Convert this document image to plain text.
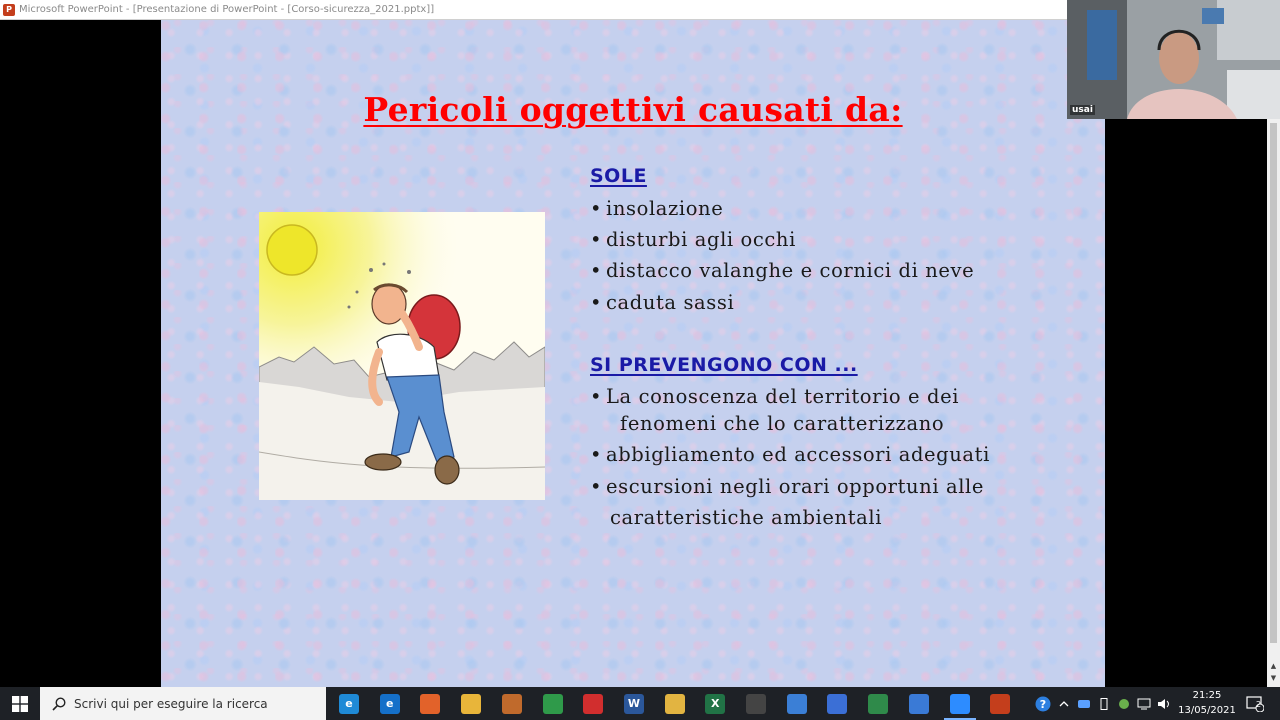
P Microsoft PowerPoint - [Presentazione di PowerPoint - [Corso-sicurezza_2021.pptx]]
Pericoli oggettivi causati da:
SOLE
• insolazione
• disturbi agli occhi
• distacco valanghe e cornici di neve
• caduta sassi
SI PREVENGONO CON ...
• La conoscenza del territorio e dei
fenomeni che lo caratterizzano
• abbigliamento ed accessori adeguati
• escursioni negli orari opportuni alle
caratteristiche ambientali
usai
▲
▼
Scrivi qui per eseguire la ricerca
e	e	W	X	?
21:25
13/05/2021
2
